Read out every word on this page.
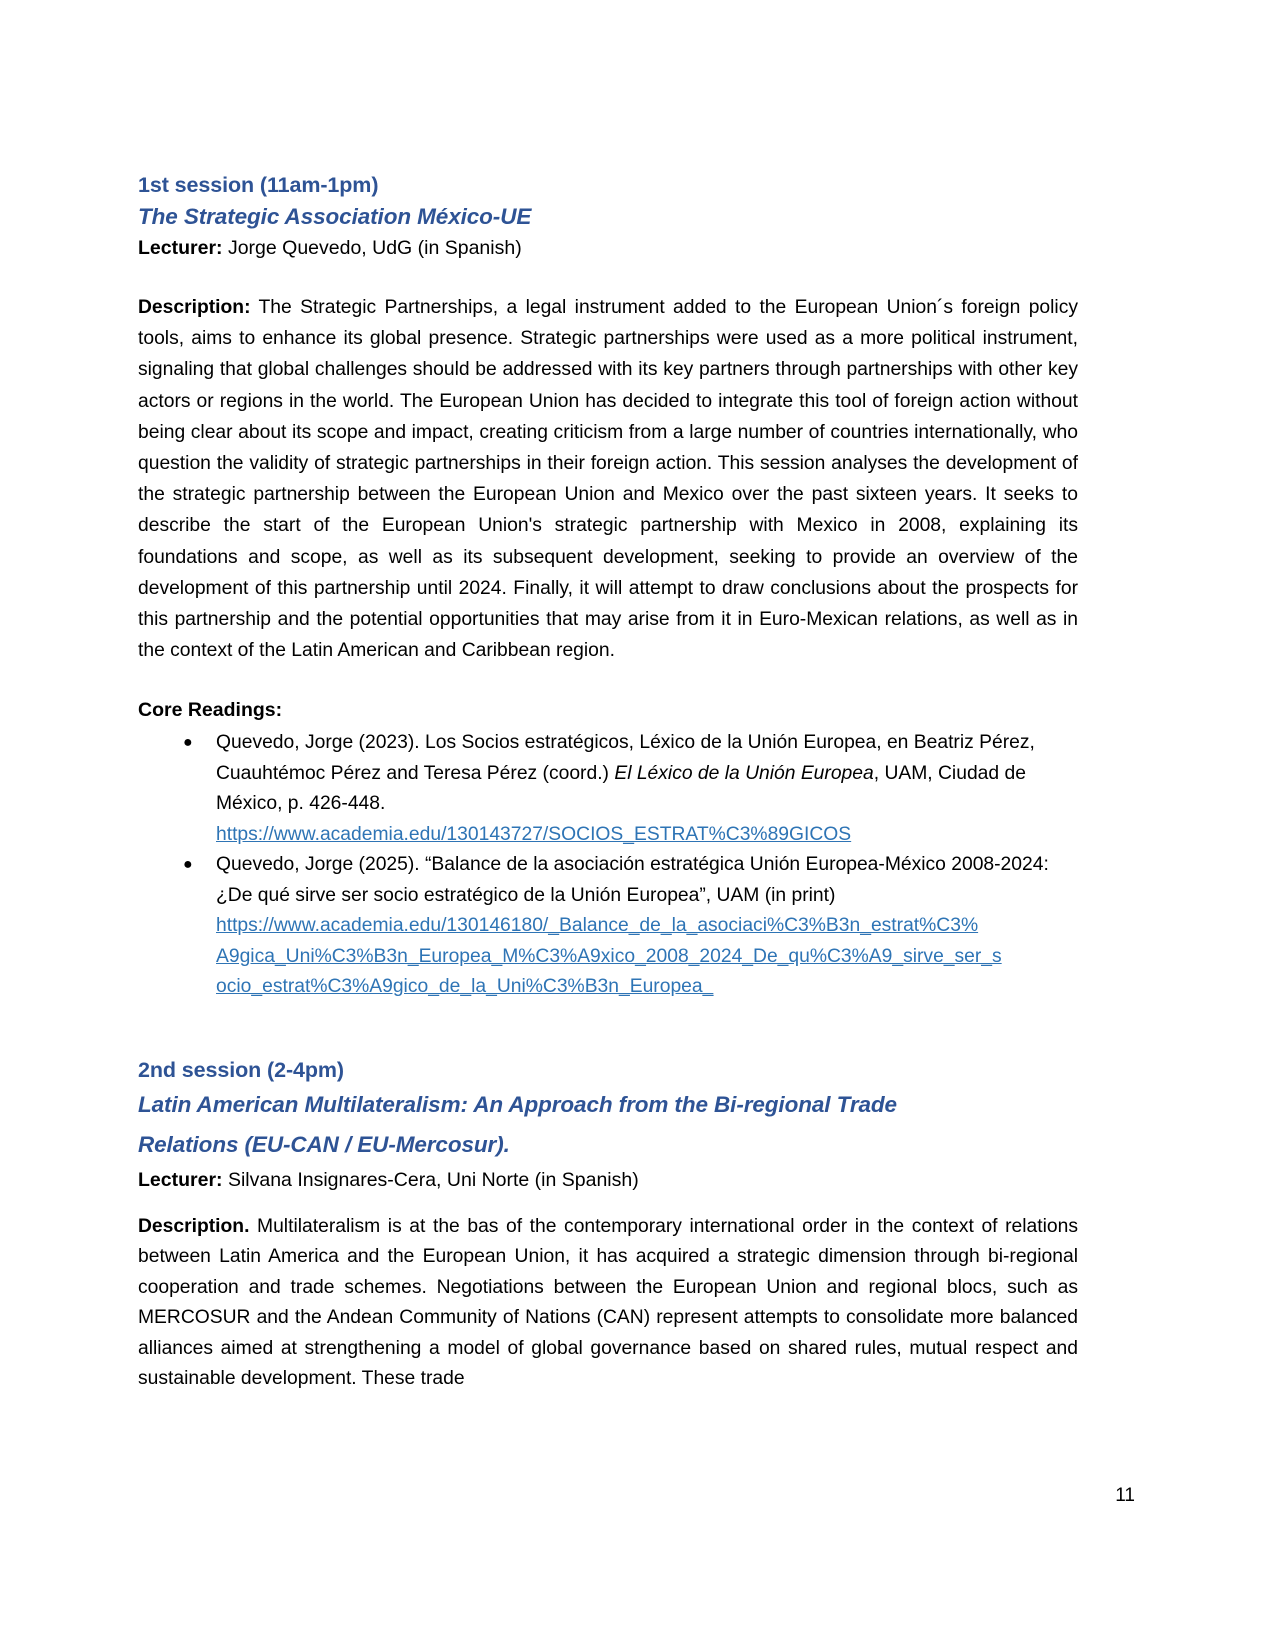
1st session (11am-1pm)
The Strategic Association México-UE
Lecturer: Jorge Quevedo, UdG (in Spanish)

Description: The Strategic Partnerships, a legal instrument added to the European Union´s foreign policy tools, aims to enhance its global presence. Strategic partnerships were used as a more political instrument, signaling that global challenges should be addressed with its key partners through partnerships with other key actors or regions in the world. The European Union has decided to integrate this tool of foreign action without being clear about its scope and impact, creating criticism from a large number of countries internationally, who question the validity of strategic partnerships in their foreign action. This session analyses the development of the strategic partnership between the European Union and Mexico over the past sixteen years. It seeks to describe the start of the European Union's strategic partnership with Mexico in 2008, explaining its foundations and scope, as well as its subsequent development, seeking to provide an overview of the development of this partnership until 2024. Finally, it will attempt to draw conclusions about the prospects for this partnership and the potential opportunities that may arise from it in Euro-Mexican relations, as well as in the context of the Latin American and Caribbean region.

Core Readings:
● Quevedo, Jorge (2023). Los Socios estratégicos, Léxico de la Unión Europea, en Beatriz Pérez, Cuauhtémoc Pérez and Teresa Pérez (coord.) El Léxico de la Unión Europea, UAM, Ciudad de México, p. 426-448.
https://www.academia.edu/130143727/SOCIOS_ESTRAT%C3%89GICOS
● Quevedo, Jorge (2025). “Balance de la asociación estratégica Unión Europea-México 2008-2024: ¿De qué sirve ser socio estratégico de la Unión Europea”, UAM (in print)
https://www.academia.edu/130146180/_Balance_de_la_asociaci%C3%B3n_estrat%C3%
A9gica_Uni%C3%B3n_Europea_M%C3%A9xico_2008_2024_De_qu%C3%A9_sirve_ser_s
ocio_estrat%C3%A9gico_de_la_Uni%C3%B3n_Europea_
2nd session (2-4pm)
Latin American Multilateralism: An Approach from the Bi-regional Trade Relations (EU-CAN / EU-Mercosur).
Lecturer: Silvana Insignares-Cera, Uni Norte (in Spanish)

Description. Multilateralism is at the bas of the contemporary international order in the context of relations between Latin America and the European Union, it has acquired a strategic dimension through bi-regional cooperation and trade schemes. Negotiations between the European Union and regional blocs, such as MERCOSUR and the Andean Community of Nations (CAN) represent attempts to consolidate more balanced alliances aimed at strengthening a model of global governance based on shared rules, mutual respect and sustainable development. These trade

11
